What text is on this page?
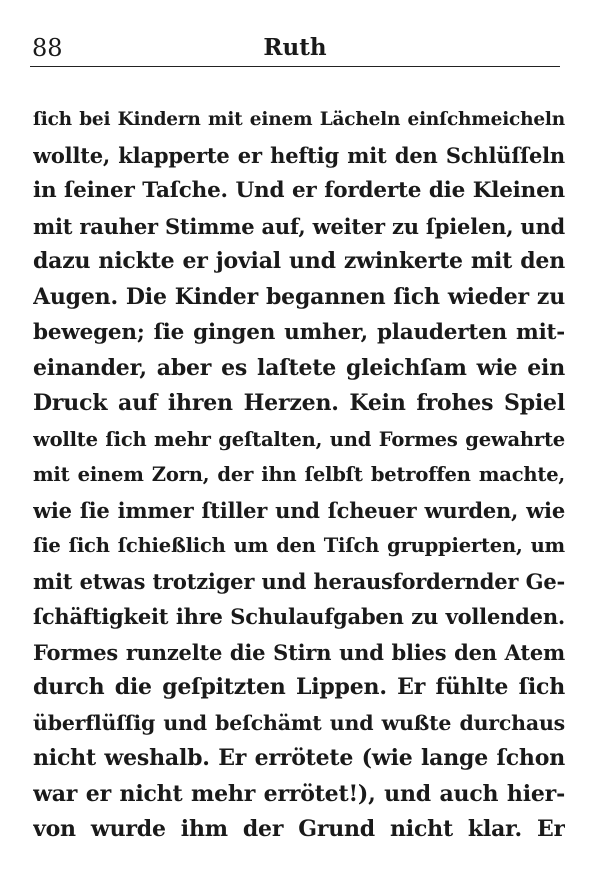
88	Ruth
ſich bei Kindern mit einem Lächeln einſchmeicheln
wollte, klapperte er heftig mit den Schlüſſeln
in ſeiner Taſche. Und er forderte die Kleinen
mit rauher Stimme auf, weiter zu ſpielen, und
dazu nickte er jovial und zwinkerte mit den
Augen. Die Kinder begannen ſich wieder zu
bewegen; ſie gingen umher, plauderten mit-
einander, aber es laſtete gleichſam wie ein
Druck auf ihren Herzen. Kein frohes Spiel
wollte ſich mehr geſtalten, und Formes gewahrte
mit einem Zorn, der ihn ſelbſt betroffen machte,
wie ſie immer ſtiller und ſcheuer wurden, wie
ſie ſich ſchießlich um den Tiſch gruppierten, um
mit etwas trotziger und herausfordernder Ge-
ſchäftigkeit ihre Schulaufgaben zu vollenden.
Formes runzelte die Stirn und blies den Atem
durch die geſpitzten Lippen. Er fühlte ſich
überflüſſig und beſchämt und wußte durchaus
nicht weshalb. Er errötete (wie lange ſchon
war er nicht mehr errötet!), und auch hier-
von wurde ihm der Grund nicht klar. Er
